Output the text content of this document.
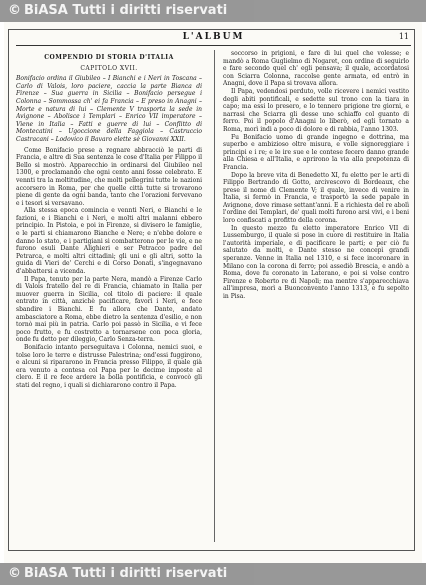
© BiASA Tutti i diritti riservati
L'ALBUM	11
COMPENDIO DI STORIA D'ITALIA
CAPITOLO XVII.

Bonifacio ordina il Giubileo – I Bianchi e i Neri in Toscana – Carlo di Valois, loro paciere, caccia la parte Bianca di Firenze – Sua guerra in Sicilia – Bonifacio persegue i Colonna – Sommossa ch' ei fa Francia – E preso in Anagni – Morte e natura di lui – Clemente V trasporta la sede in Avignone – Abolisce i Templari – Enrico VII imperatore – Viene in Italia – Fatti e guerre di lui – Conflitto di Montecatini – Ugoccione della Faggiola – Castruccio Castracani – Lodovico il Bavaro elette sè Giovanni XXII.

Come Bonifacio prese a regnare abbracciò le parti di Francia, e altre di Sua sentenza le cose d'Italia per Filippo il Bello si mostrò. Apparecchio in ordinarsi del Giubileo nel 1300, e proclamando che ogni cento anni fosse celebrato. E vennti tra la moltitudine, che molti pellegrini tutte le nazioni accorsero in Roma, per che quelle città tutte si trovarono piene di gente da ogni banda, tanto che l'orazioni fervevano e i tesori si versavano.

Alla stessa epoca comincia e vennti Neri, e Bianchi e le fazioni, e i Bianchi e i Neri, e molti altri malanni ebbero principio. In Pistoia, e poi in Firenze, si divisero le famiglie, e le parti si chiamarono Bianche e Nere; e n'ebbe dolore e danno lo stato, e i partigiani si combatterono per le vie, e ne furono esuli Dante Alighieri e ser Petracco padre del Petrarca, e molti altri cittadini; gli uni e gli altri, sotto la guida di Vieri de' Cerchi e di Corso Donati, s'ingegnavano d'abbattersi a vicenda.

Il Papa, tenuto per la parte Nera, mandò a Firenze Carlo di Valois fratello del re di Francia, chiamato in Italia per muover guerra in Sicilia, col titolo di paciere: il quale entrato in città, anzichè pacificare, favorì i Neri, e fece sbandire i Bianchi. E fu allora che Dante, andato ambasciatore a Roma, ebbe dietro la sentenza d'esilio, e non tornò mai più in patria. Carlo poi passò in Sicilia, e vi fece poco frutto, e fu costretto a tornarsene con poca gloria, onde fu detto per dileggio, Carlo Senza-terra.

Bonifacio intanto perseguitava i Colonna, nemici suoi, e tolse loro le terre e distrusse Palestrina; ond'essi fuggirono, e alcuni si ripararono in Francia presso Filippo, il quale già era venuto a contesa col Papa per le decime imposte al clero. E il re fece ardere la bolla pontificia, e convocò gli stati del regno, i quali si dichiararono contro il Papa.

soccorso in prigioni, e fare di lui quel che volesse; e mandò a Roma Guglielmo di Nogaret, con ordine di seguirlo e fare secondo quel ch' egli pensava; il quale, accordatosi con Sciarra Colonna, raccolse gente armata, ed entrò in Anagni, dove il Papa si trovava allora.

Il Papa, vedendosi perduto, volle ricevere i nemici vestito degli abiti pontificali, e sedette sul trono con la tiara in capo; ma essi lo presero, e lo tennero prigione tre giorni, e narrasi che Sciarra gli desse uno schiaffo col guanto di ferro. Poi il popolo d'Anagni lo liberò, ed egli tornato a Roma, morì indi a poco di dolore e di rabbia, l'anno 1303.

Fu Bonifacio uomo di grande ingegno e dottrina, ma superbo e ambizioso oltre misura, e volle signoreggiare i principi e i re; e le ire sue e le contese fecero danno grande alla Chiesa e all'Italia, e aprirono la via alla prepotenza di Francia.

Dopo la breve vita di Benedetto XI, fu eletto per le arti di Filippo Bertrando di Gotto, arcivescovo di Bordeaux, che prese il nome di Clemente V; il quale, invece di venire in Italia, si fermò in Francia, e trasportò la sede papale in Avignone, dove rimase settant'anni. E a richiesta del re abolì l'ordine dei Templari, de' quali molti furono arsi vivi, e i beni loro confiscati a profitto della corona.

In questo mezzo fu eletto imperatore Enrico VII di Lussemburgo, il quale si pose in cuore di restituire in Italia l'autorità imperiale, e di pacificare le parti; e per ciò fu salutato da molti, e Dante stesso ne concepì grandi speranze. Venne in Italia nel 1310, e si fece incoronare in Milano con la corona di ferro; poi assediò Brescia, e andò a Roma, dove fu coronato in Laterano, e poi si volse contro Firenze e Roberto re di Napoli; ma mentre s'apparecchiava all'impresa, morì a Buonconvento l'anno 1313, e fu sepolto in Pisa.

© BiASA Tutti i diritti riservati
